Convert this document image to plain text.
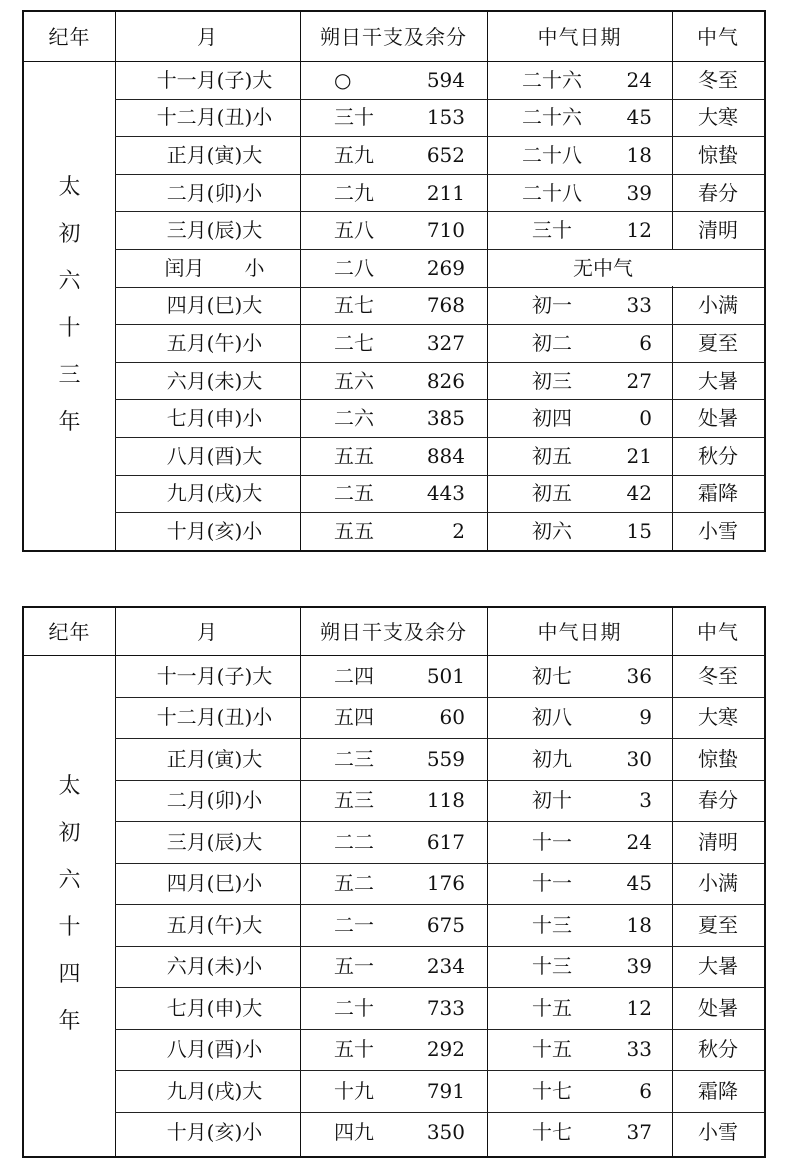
纪年	月	朔日干支及余分	中气日期	中气
太
初
六
十
三
年
十一月(子)大	○	594	二十六	24	冬至
十二月(丑)小	三十	153	二十六	45	大寒
正月(寅)大	五九	652	二十八	18	惊蛰
二月(卯)小	二九	211	二十八	39	春分
三月(辰)大	五八	710	三十	12	清明
闰月　　小	二八	269	无中气
四月(巳)大	五七	768	初一	33	小满
五月(午)小	二七	327	初二	6	夏至
六月(未)大	五六	826	初三	27	大暑
七月(申)小	二六	385	初四	0	处暑
八月(酉)大	五五	884	初五	21	秋分
九月(戌)大	二五	443	初五	42	霜降
十月(亥)小	五五	2	初六	15	小雪
纪年	月	朔日干支及余分	中气日期	中气
太
初
六
十
四
年
十一月(子)大	二四	501	初七	36	冬至
十二月(丑)小	五四	60	初八	9	大寒
正月(寅)大	二三	559	初九	30	惊蛰
二月(卯)小	五三	118	初十	3	春分
三月(辰)大	二二	617	十一	24	清明
四月(巳)小	五二	176	十一	45	小满
五月(午)大	二一	675	十三	18	夏至
六月(未)小	五一	234	十三	39	大暑
七月(申)大	二十	733	十五	12	处暑
八月(酉)小	五十	292	十五	33	秋分
九月(戌)大	十九	791	十七	6	霜降
十月(亥)小	四九	350	十七	37	小雪
